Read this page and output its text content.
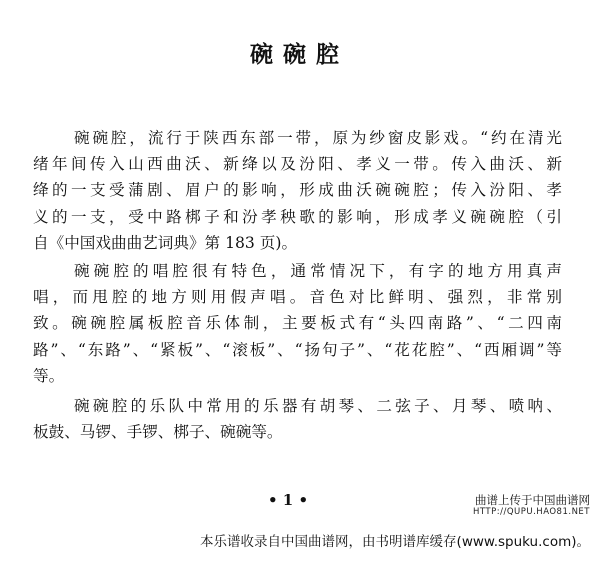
碗碗腔

碗碗腔，流行于陕西东部一带，原为纱窗皮影戏。“约在清光
绪年间传入山西曲沃、新绛以及汾阳、孝义一带。传入曲沃、新
绛的一支受蒲剧、眉户的影响，形成曲沃碗碗腔；传入汾阳、孝
义的一支，受中路梆子和汾孝秧歌的影响，形成孝义碗碗腔（引
自《中国戏曲曲艺词典》第 183 页)。

碗碗腔的唱腔很有特色，通常情况下，有字的地方用真声
唱，而甩腔的地方则用假声唱。音色对比鲜明、强烈，非常别
致。碗碗腔属板腔音乐体制，主要板式有“头四南路”、“二四南
路”、“东路”、“紧板”、“滚板”、“扬句子”、“花花腔”、“西厢调”等
等。

碗碗腔的乐队中常用的乐器有胡琴、二弦子、月琴、喷呐、
板鼓、马锣、手锣、梆子、碗碗等。

• 1 •	曲谱上传于中国曲谱网
HTTP://QUPU.HAO81.NET
本乐谱收录自中国曲谱网，由书明谱库缓存(www.spuku.com)。
